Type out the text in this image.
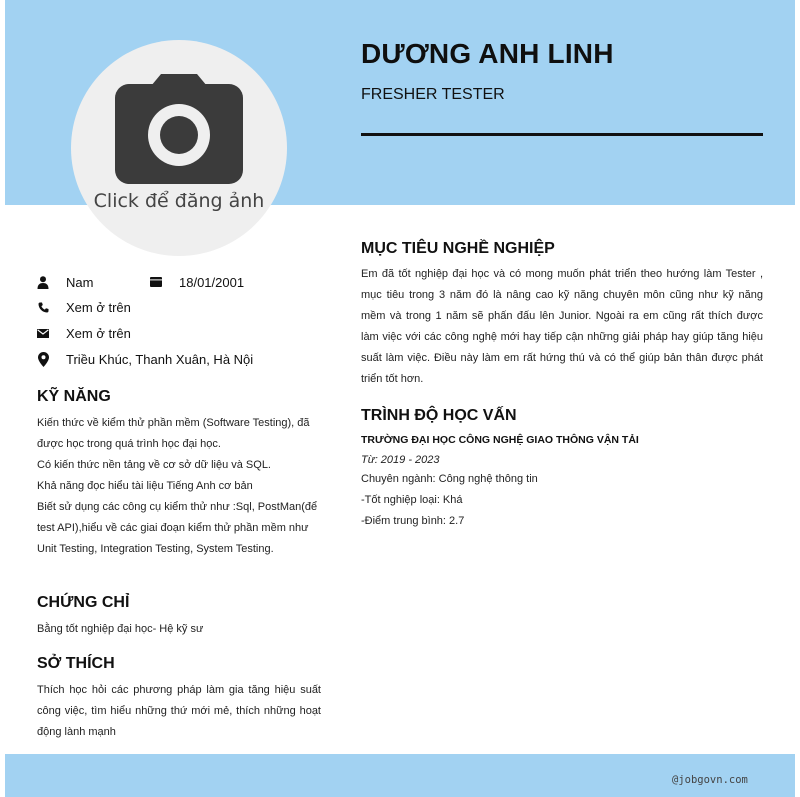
Click để đăng ảnh
DƯƠNG ANH LINH
FRESHER TESTER
Nam	18/01/2001
Xem ở trên
Xem ở trên
Triều Khúc, Thanh Xuân, Hà Nội
KỸ NĂNG
Kiến thức về kiểm thử phần mềm (Software Testing), đã
được học trong quá trình học đại học.
Có kiến thức nền tảng về cơ sở dữ liệu và SQL.
Khả năng đọc hiểu tài liệu Tiếng Anh cơ bản
Biết sử dụng các công cụ kiểm thử như :Sql, PostMan(để
test API),hiểu về các giai đoạn kiểm thử phần mềm như
Unit Testing, Integration Testing, System Testing.
CHỨNG CHỈ
Bằng tốt nghiệp đại học- Hệ kỹ sư
SỞ THÍCH
Thích học hỏi các phương pháp làm gia tăng hiệu suất
công việc, tìm hiểu những thứ mới mẻ, thích những hoạt
động lành mạnh
MỤC TIÊU NGHỀ NGHIỆP
Em đã tốt nghiệp đại học và có mong muốn phát triển theo hướng làm Tester ,
mục tiêu trong 3 năm đó là nâng cao kỹ năng chuyên môn cũng như kỹ năng
mềm và trong 1 năm sẽ phấn đấu lên Junior. Ngoài ra em cũng rất thích được
làm việc với các công nghệ mới hay tiếp cận những giải pháp hay giúp tăng hiệu
suất làm việc. Điều này làm em rất hứng thú và có thể giúp bản thân được phát
triển tốt hơn.
TRÌNH ĐỘ HỌC VẤN
TRƯỜNG ĐẠI HỌC CÔNG NGHỆ GIAO THÔNG VẬN TẢI
Từ: 2019 - 2023
Chuyên ngành: Công nghệ thông tin
-Tốt nghiệp loại: Khá
-Điểm trung bình: 2.7
@jobgovn.com
